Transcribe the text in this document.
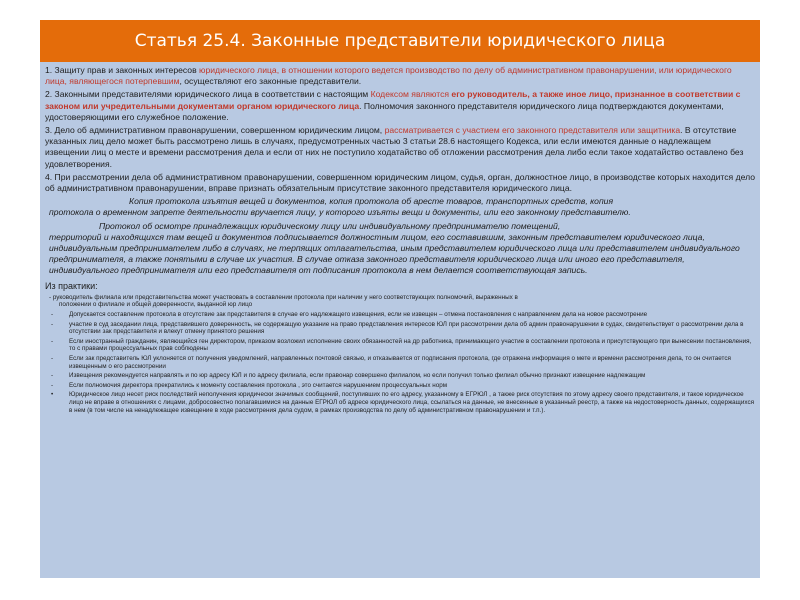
Статья 25.4. Законные представители юридического лица

1. Защиту прав и законных интересов юридического лица, в отношении которого ведется производство по делу об административном правонарушении, или юридического лица, являющегося потерпевшим, осуществляют его законные представители.

2. Законными представителями юридического лица в соответствии с настоящим Кодексом являются его руководитель, а также иное лицо, признанное в соответствии с законом или учредительными документами органом юридического лица. Полномочия законного представителя юридического лица подтверждаются документами, удостоверяющими его служебное положение.

3. Дело об административном правонарушении, совершенном юридическим лицом, рассматривается с участием его законного представителя или защитника. В отсутствие указанных лиц дело может быть рассмотрено лишь в случаях, предусмотренных частью 3 статьи 28.6 настоящего Кодекса, или если имеются данные о надлежащем извещении лиц о месте и времени рассмотрения дела и если от них не поступило ходатайство об отложении рассмотрения дела либо если такое ходатайство оставлено без удовлетворения.

4. При рассмотрении дела об административном правонарушении, совершенном юридическим лицом, судья, орган, должностное лицо, в производстве которых находится дело об административном правонарушении, вправе признать обязательным присутствие законного представителя юридического лица.

Копия протокола изъятия вещей и документов, копия протокола об аресте товаров, транспортных средств, копия
протокола о временном запрете деятельности вручается лицу, у которого изъяты вещи и документы, или его законному представителю.
Протокол об осмотре принадлежащих юридическому лицу или индивидуальному предпринимателю помещений,
территорий и находящихся там вещей и документов подписывается должностным лицом, его составившим, законным представителем юридического лица, индивидуальным предпринимателем либо в случаях, не терпящих отлагательства, иным представителем юридического лица или представителем индивидуального предпринимателя, а также понятыми в случае их участия. В случае отказа законного представителя юридического лица или иного его представителя, индивидуального предпринимателя или его представителя от подписания протокола в нем делается соответствующая запись.
Из практики:
- руководитель филиала или представительства может участвовать в составлении протокола при наличии у него соответствующих полномочий, выраженных в
положении о филиале и общей доверенности, выданной юр лицо
-	Допускается составление протокола в отсутствие зак представителя в случае его надлежащего извещения, если не извещен – отмена постановления с направлением дела на новое рассмотрение
-	участие в суд заседании лица, представившего доверенность, не содержащую указание на право представления интересов ЮЛ при рассмотрении дела об админ правонарушении в судах, свидетельствует о рассмотрении дела в отсутствии зак представителя и влекут отмену принятого решения
-	Если иностранный гражданин, являющийся ген директором, приказом возложил исполнение своих обязанностей на др работника, принимающего участие в составлении протокола и присутствующего при вынесении постановления, то с правами процессуальных прав соблюдены
-	Если зак представитель ЮЛ уклоняется от получения уведомлений, направленных почтовой связью, и отказывается от подписания протокола, где отражена информация о мете и времени рассмотрения дела, то он считается извещенным о его рассмотрении
-	Извещения рекомендуется направлять и по юр адресу ЮЛ и по адресу филиала, если правонар совершено филиалом, но если получил только филиал обычно признают извещение надлежащим
-	Если полномочия директора прекратились к моменту составления протокола , это считается нарушением процессуальных норм
•	Юридическое лицо несет риск последствий неполучения юридически значимых сообщений, поступивших по его адресу, указанному в ЕГРЮЛ , а также риск отсутствия по этому адресу своего представителя, и такое юридическое лицо не вправе в отношениях с лицами, добросовестно полагавшимися на данные ЕГРЮЛ об адресе юридического лица, ссылаться на данные, не внесенные в указанный реестр, а также на недостоверность данных, содержащихся в нем (в том числе на ненадлежащее извещение в ходе рассмотрения дела судом, в рамках производства по делу об административном правонарушении и т.п.).
